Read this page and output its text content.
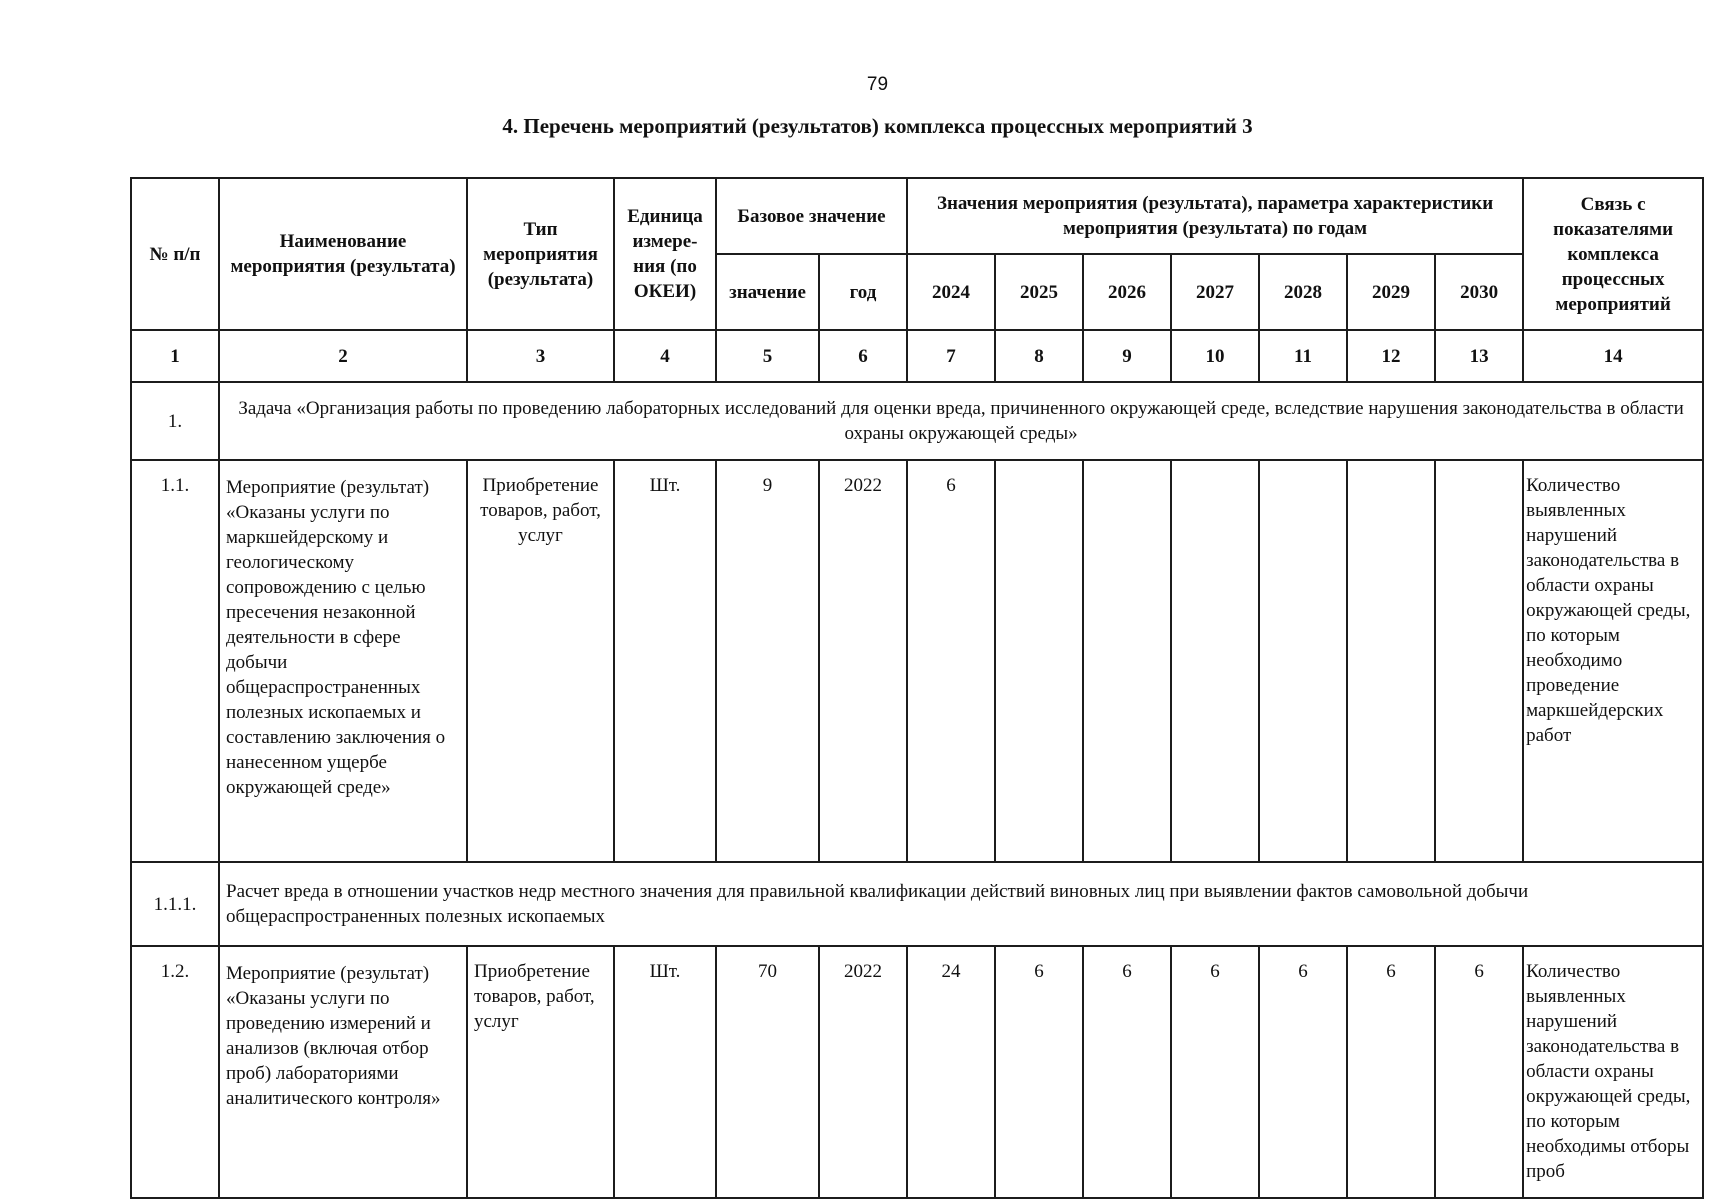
79
4. Перечень мероприятий (результатов) комплекса процессных мероприятий 3
№ п/п	Наименование мероприятия (результата)	Тип мероприятия (результата)	Единица измере-ния (по ОКЕИ)	Базовое значение		Значения мероприятия (результата), параметра характеристики мероприятия (результата) по годам							Связь с показателями комплекса процессных мероприятий
				значение	год	2024	2025	2026	2027	2028	2029	2030	
1	2	3	4	5	6	7	8	9	10	11	12	13	14
1.	Задача «Организация работы по проведению лабораторных исследований для оценки вреда, причиненного окружающей среде, вследствие нарушения законодательства в области охраны окружающей среды»												
1.1.	Мероприятие (результат) «Оказаны услуги по маркшейдерскому и геологическому сопровождению с целью пресечения незаконной деятельности в сфере добычи общераспространенных полезных ископаемых и составлению заключения о нанесенном ущербе окружающей среде»	Приобретение товаров, работ, услуг	Шт.	9	2022	6							Количество выявленных нарушений законодательства в области охраны окружающей среды, по которым необходимо проведение маркшейдерских работ
1.1.1.	Расчет вреда в отношении участков недр местного значения для правильной квалификации действий виновных лиц при выявлении фактов самовольной добычи общераспространенных полезных ископаемых												
1.2.	Мероприятие (результат) «Оказаны услуги по проведению измерений и анализов (включая отбор проб) лабораториями аналитического контроля»	Приобретение товаров, работ, услуг	Шт.	70	2022	24	6	6	6	6	6	6	Количество выявленных нарушений законодательства в области охраны окружающей среды, по которым необходимы отборы проб
